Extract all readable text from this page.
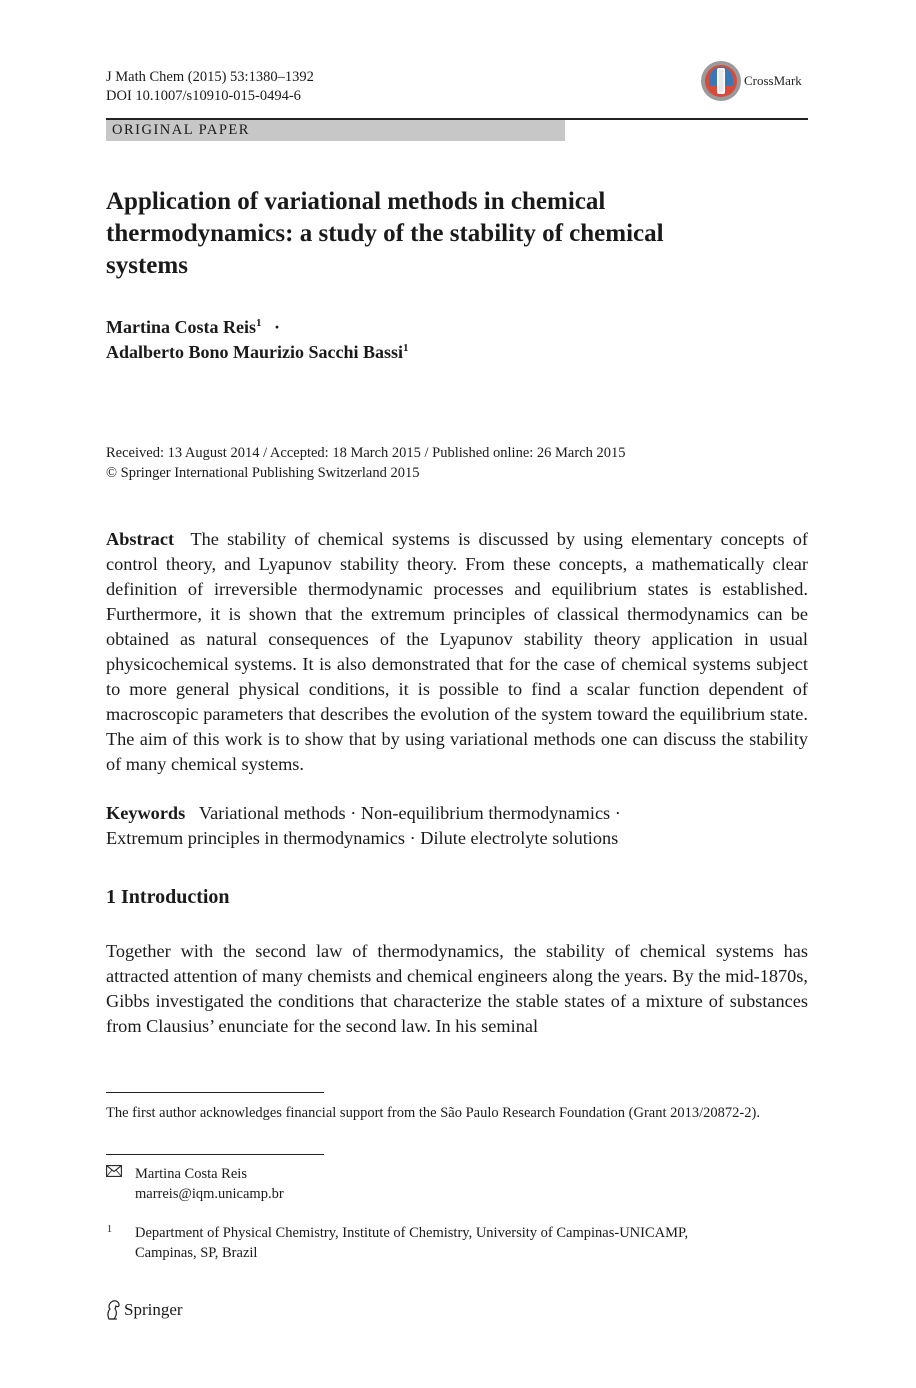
J Math Chem (2015) 53:1380–1392
DOI 10.1007/s10910-015-0494-6
CrossMark
ORIGINAL PAPER
Application of variational methods in chemical thermodynamics: a study of the stability of chemical systems
Martina Costa Reis$^1$ ·
Adalberto Bono Maurizio Sacchi Bassi$^1$
Received: 13 August 2014 / Accepted: 18 March 2015 / Published online: 26 March 2015
© Springer International Publishing Switzerland 2015

Abstract The stability of chemical systems is discussed by using elementary concepts of control theory, and Lyapunov stability theory. From these concepts, a mathematically clear definition of irreversible thermodynamic processes and equilibrium states is established. Furthermore, it is shown that the extremum principles of classical thermodynamics can be obtained as natural consequences of the Lyapunov stability theory application in usual physicochemical systems. It is also demonstrated that for the case of chemical systems subject to more general physical conditions, it is possible to find a scalar function dependent of macroscopic parameters that describes the evolution of the system toward the equilibrium state. The aim of this work is to show that by using variational methods one can discuss the stability of many chemical systems.

Keywords Variational methods · Non-equilibrium thermodynamics ·
Extremum principles in thermodynamics · Dilute electrolyte solutions
1 Introduction

Together with the second law of thermodynamics, the stability of chemical systems has attracted attention of many chemists and chemical engineers along the years. By the mid-1870s, Gibbs investigated the conditions that characterize the stable states of a mixture of substances from Clausius’ enunciate for the second law. In his seminal

The first author acknowledges financial support from the São Paulo Research Foundation (Grant 2013/20872-2).
Martina Costa Reis
marreis@iqm.unicamp.br
1 Department of Physical Chemistry, Institute of Chemistry, University of Campinas-UNICAMP,
Campinas, SP, Brazil
Springer
